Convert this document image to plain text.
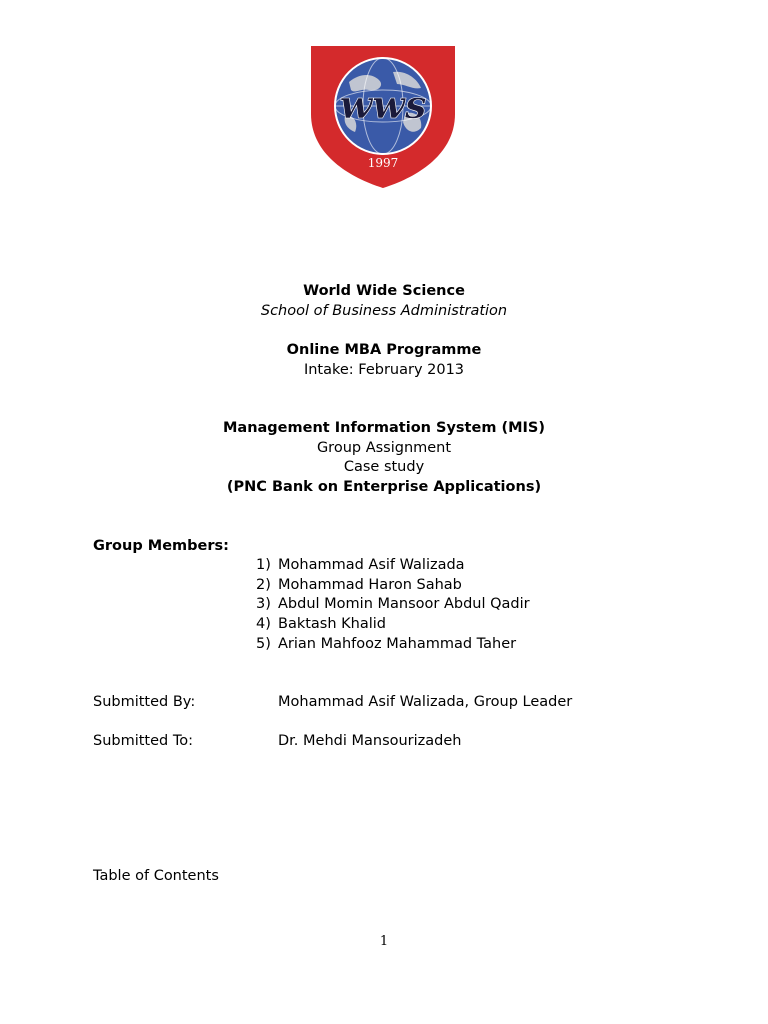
wws
1997
World Wide Science
School of Business Administration
Online MBA Programme
Intake: February 2013
Management Information System (MIS)
Group Assignment
Case study
(PNC Bank on Enterprise Applications)
Group Members:
1) Mohammad Asif Walizada
2) Mohammad Haron Sahab
3) Abdul Momin Mansoor Abdul Qadir
4) Baktash Khalid
5) Arian Mahfooz Mahammad Taher
Submitted By:	Mohammad Asif Walizada, Group Leader
Submitted To:	Dr. Mehdi Mansourizadeh
Table of Contents
1
